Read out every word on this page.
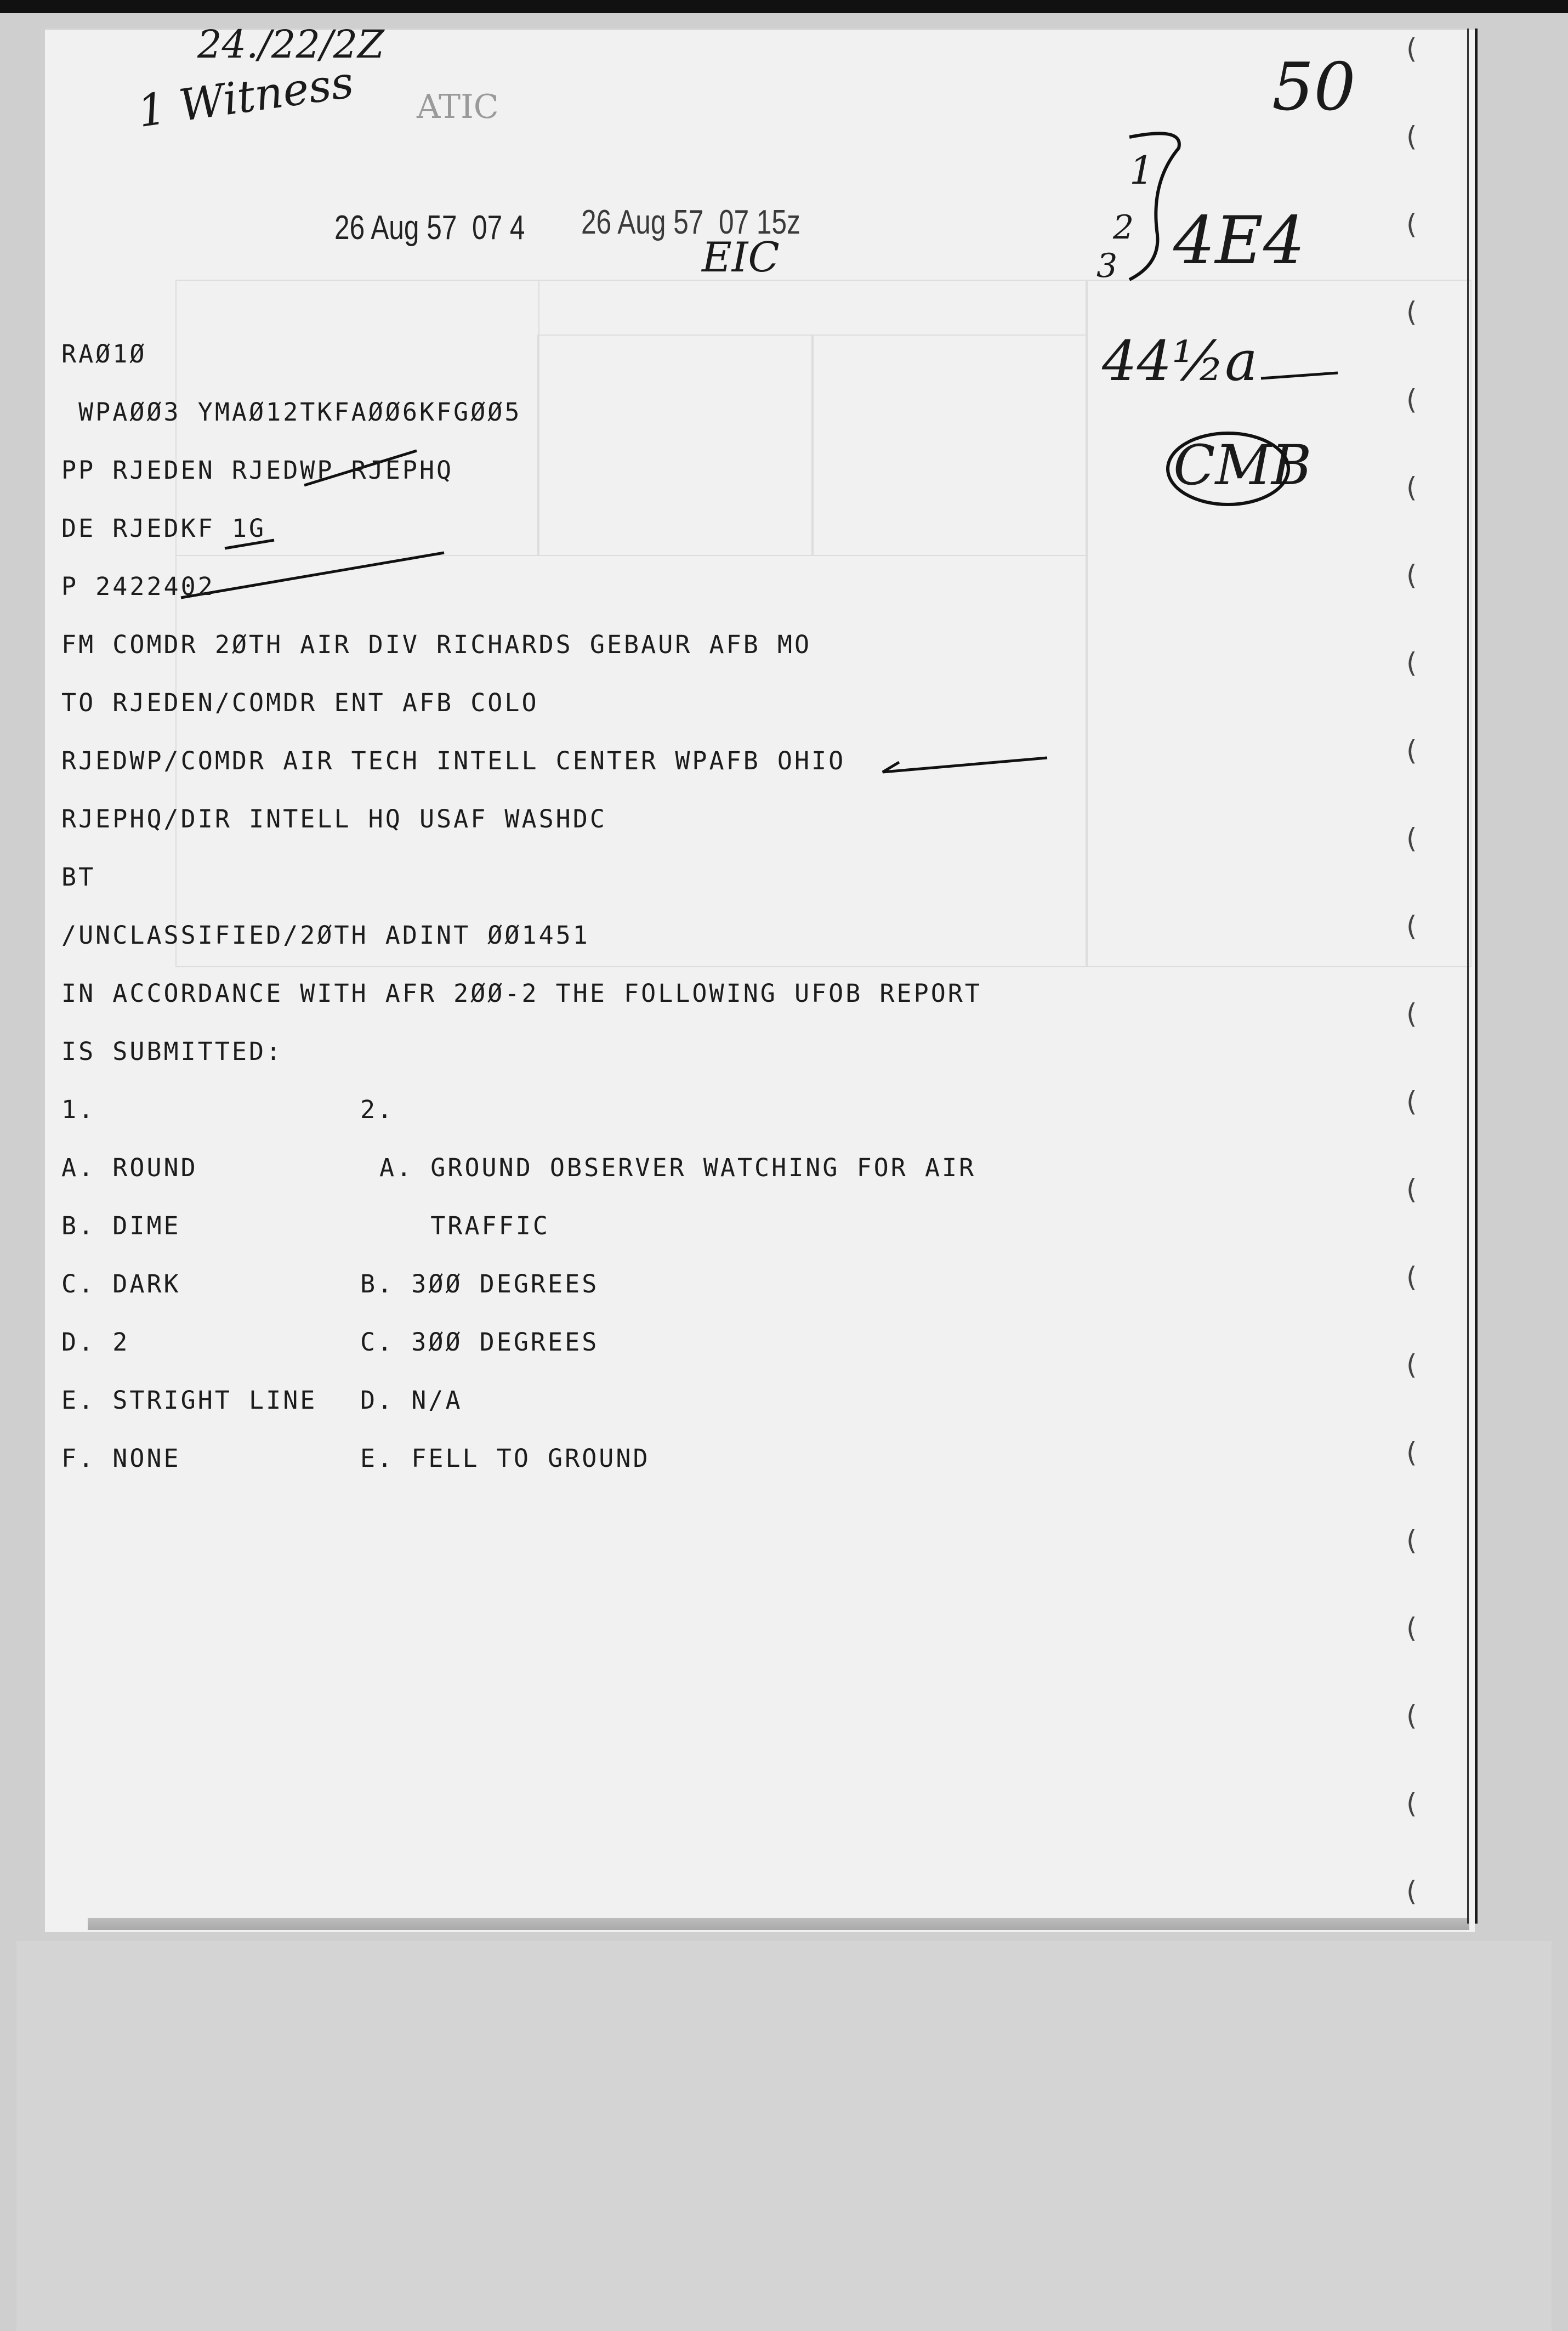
(
(
(
(
(
(
(
(
(
(
(
(
(
(
(
(
(
(
(
(
(
(
24./22/2Z
1 Witness ATIC	50
4E4
44½a
CMB
1
2
3
EIC
26 Aug 57  07 4 26 Aug 57  07 15z
RAØ1Ø
WPAØØ3 YMAØ12TKFAØØ6KFGØØ5
PP RJEDEN RJEDWP RJEPHQ
DE RJEDKF 1G
P 2422402
FM COMDR 2ØTH AIR DIV RICHARDS GEBAUR AFB MO
TO RJEDEN/COMDR ENT AFB COLO
RJEDWP/COMDR AIR TECH INTELL CENTER WPAFB OHIO
RJEPHQ/DIR INTELL HQ USAF WASHDC
BT
/UNCLASSIFIED/2ØTH ADINT ØØ1451
IN ACCORDANCE WITH AFR 2ØØ-2 THE FOLLOWING UFOB REPORT
IS SUBMITTED:
1.	2.
A. ROUND
B. DIME
C. DARK
D. 2
E. STRIGHT LINE
F. NONE
A. GROUND OBSERVER WATCHING FOR AIR
TRAFFIC
B. 3ØØ DEGREES
C. 3ØØ DEGREES
D. N/A
E. FELL TO GROUND
